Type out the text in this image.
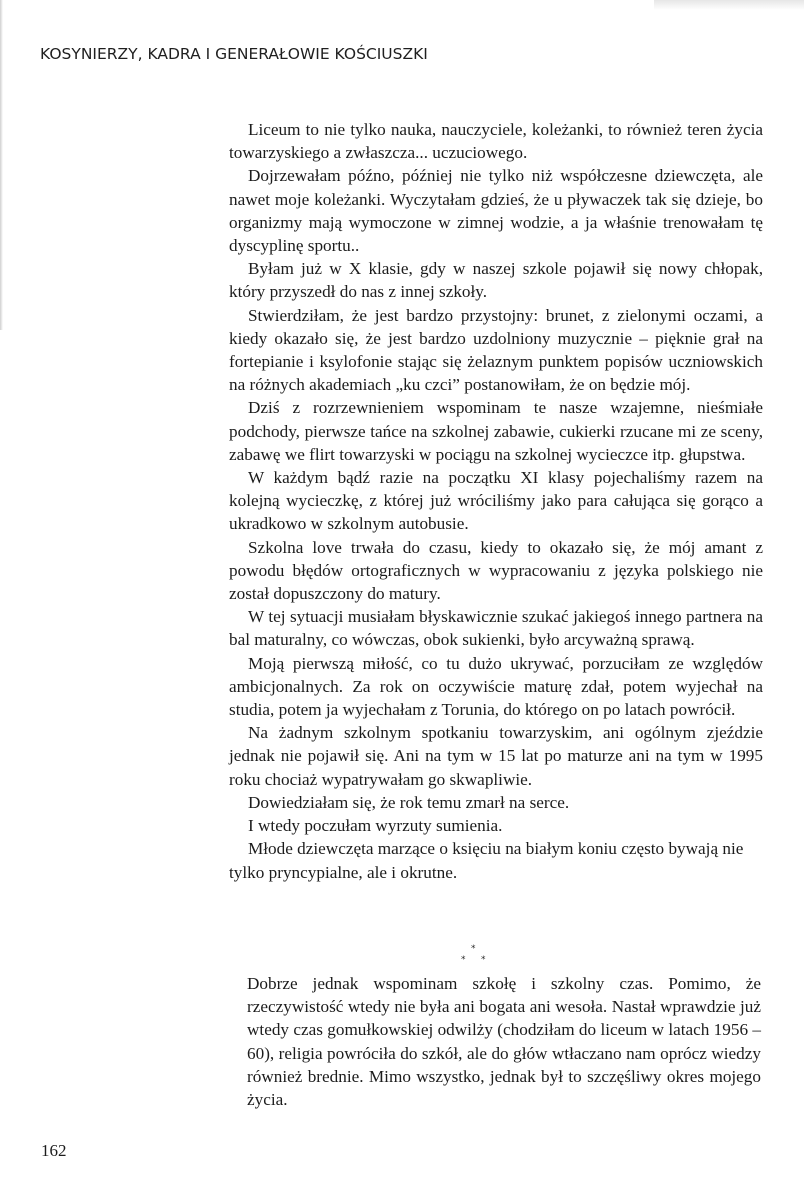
KOSYNIERZY, KADRA I GENERAŁOWIE KOŚCIUSZKI

Liceum to nie tylko nauka, nauczyciele, koleżanki, to również teren życia towarzyskiego a zwłaszcza... uczuciowego.

Dojrzewałam późno, później nie tylko niż współczesne dziewczęta, ale nawet moje koleżanki. Wyczytałam gdzieś, że u pływaczek tak się dzieje, bo organizmy mają wymoczone w zimnej wodzie, a ja właśnie trenowałam tę dyscyplinę sportu..

Byłam już w X klasie, gdy w naszej szkole pojawił się nowy chłopak, który przyszedł do nas z innej szkoły.

Stwierdziłam, że jest bardzo przystojny: brunet, z zielonymi oczami, a kiedy okazało się, że jest bardzo uzdolniony muzycznie – pięknie grał na fortepianie i ksylofonie stając się żelaznym punktem popisów uczniowskich na różnych akademiach „ku czci” postanowiłam, że on będzie mój.

Dziś z rozrzewnieniem wspominam te nasze wzajemne, nieśmiałe podchody, pierwsze tańce na szkolnej zabawie, cukierki rzucane mi ze sceny, zabawę we flirt towarzyski w pociągu na szkolnej wycieczce itp. głupstwa.

W każdym bądź razie na początku XI klasy pojechaliśmy razem na kolejną wycieczkę, z której już wróciliśmy jako para całująca się gorąco a ukradkowo w szkolnym autobusie.

Szkolna love trwała do czasu, kiedy to okazało się, że mój amant z powodu błędów ortograficznych w wypracowaniu z języka polskiego nie został dopuszczony do matury.

W tej sytuacji musiałam błyskawicznie szukać jakiegoś innego partnera na bal maturalny, co wówczas, obok sukienki, było arcyważną sprawą.

Moją pierwszą miłość, co tu dużo ukrywać, porzuciłam ze względów ambicjonalnych. Za rok on oczywiście maturę zdał, potem wyjechał na studia, potem ja wyjechałam z Torunia, do którego on po latach powrócił.

Na żadnym szkolnym spotkaniu towarzyskim, ani ogólnym zjeździe jednak nie pojawił się. Ani na tym w 15 lat po maturze ani na tym w 1995 roku chociaż wypatrywałam go skwapliwie.

Dowiedziałam się, że rok temu zmarł na serce.

I wtedy poczułam wyrzuty sumienia.

Młode dziewczęta marzące o księciu na białym koniu często bywają nie tylko pryncypialne, ale i okrutne.

*
* *

Dobrze jednak wspominam szkołę i szkolny czas. Pomimo, że rzeczywistość wtedy nie była ani bogata ani wesoła. Nastał wprawdzie już wtedy czas gomułkowskiej odwilży (chodziłam do liceum w latach 1956 – 60), religia powróciła do szkół, ale do głów wtłaczano nam oprócz wiedzy również brednie. Mimo wszystko, jednak był to szczęśliwy okres mojego życia.

162
